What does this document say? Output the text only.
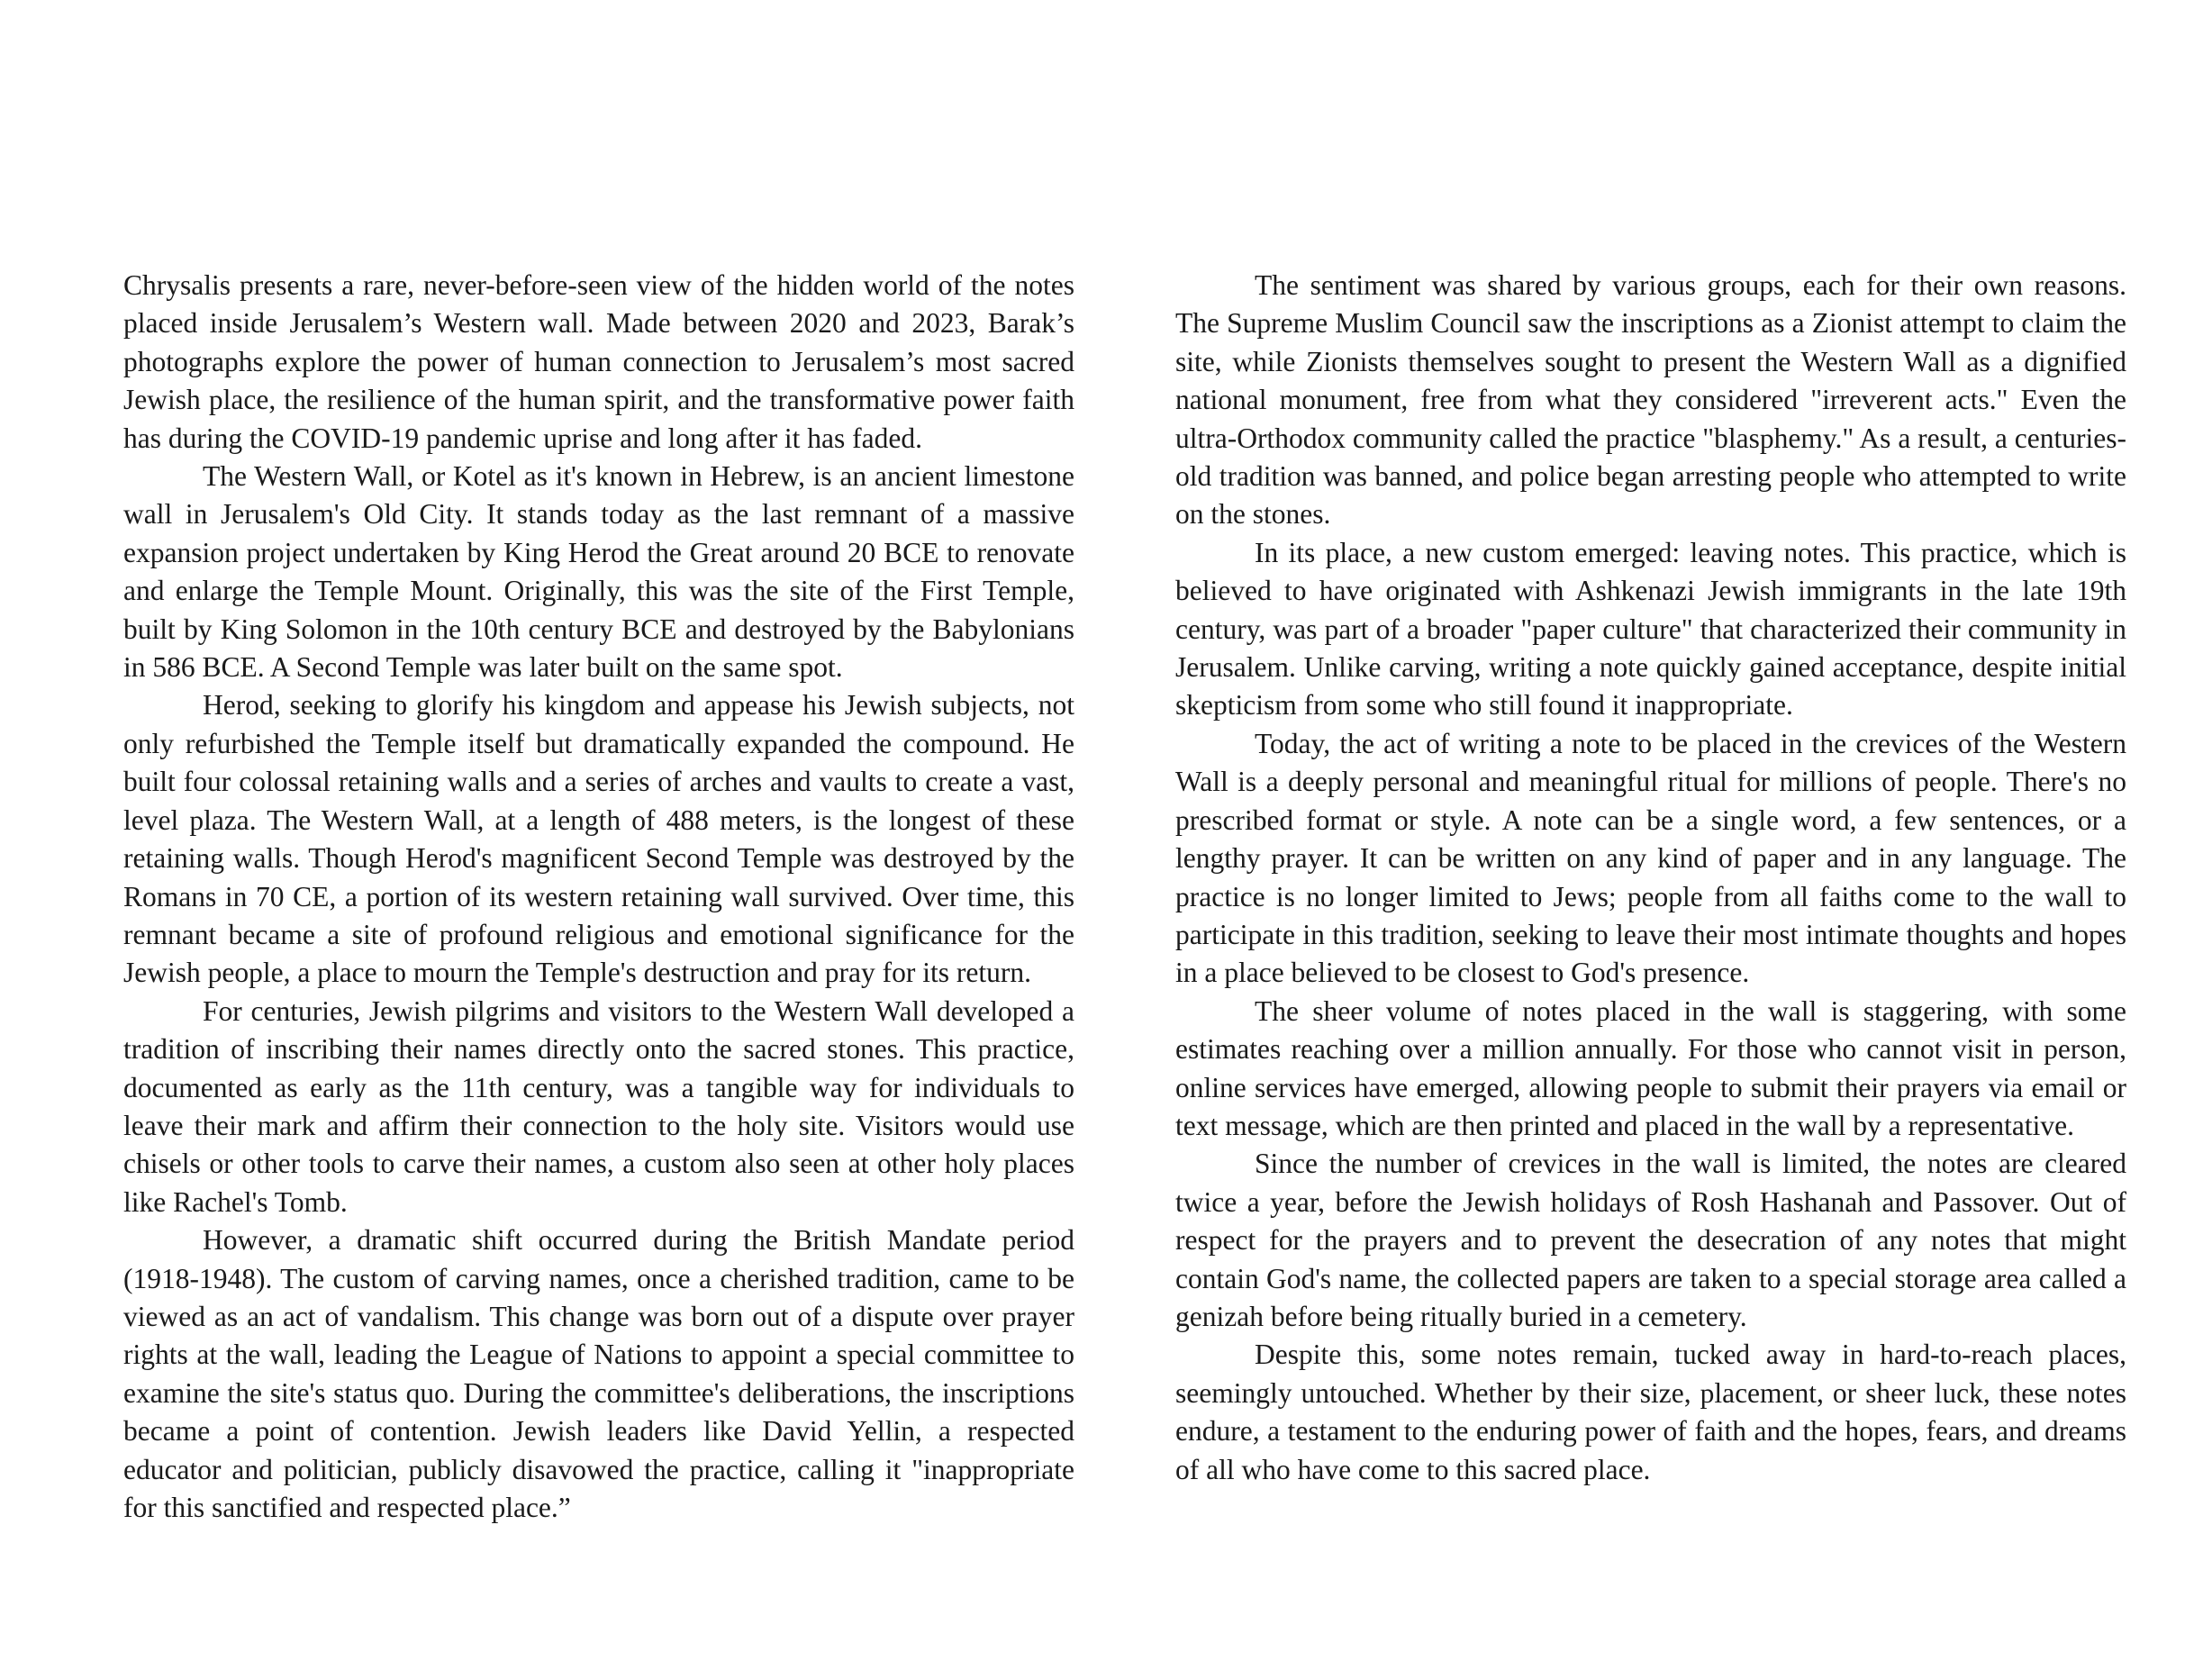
Chrysalis presents a rare, never-before-seen view of the hidden world of the notes placed inside Jerusalem’s Western wall. Made between 2020 and 2023, Barak’s photographs explore the power of human connection to Jerusalem’s most sacred Jewish place, the resilience of the human spirit, and the transformative power faith has during the COVID-19 pandemic uprise and long after it has faded.

The Western Wall, or Kotel as it's known in Hebrew, is an ancient limestone wall in Jerusalem's Old City. It stands today as the last remnant of a massive expansion project undertaken by King Herod the Great around 20 BCE to renovate and enlarge the Temple Mount. Originally, this was the site of the First Temple, built by King Solomon in the 10th century BCE and destroyed by the Babylonians in 586 BCE. A Second Temple was later built on the same spot.

Herod, seeking to glorify his kingdom and appease his Jewish subjects, not only refurbished the Temple itself but dramatically expanded the compound. He built four colossal retaining walls and a series of arches and vaults to create a vast, level plaza. The Western Wall, at a length of 488 meters, is the longest of these retaining walls. Though Herod's magnificent Second Temple was destroyed by the Romans in 70 CE, a portion of its western retaining wall survived. Over time, this remnant became a site of profound religious and emotional significance for the Jewish people, a place to mourn the Temple's destruction and pray for its return.

For centuries, Jewish pilgrims and visitors to the Western Wall developed a tradition of inscribing their names directly onto the sacred stones. This practice, documented as early as the 11th century, was a tangible way for individuals to leave their mark and affirm their connection to the holy site. Visitors would use chisels or other tools to carve their names, a custom also seen at other holy places like Rachel's Tomb.

However, a dramatic shift occurred during the British Mandate period (1918-1948). The custom of carving names, once a cherished tradition, came to be viewed as an act of vandalism. This change was born out of a dispute over prayer rights at the wall, leading the League of Nations to appoint a special committee to examine the site's status quo. During the committee's deliberations, the inscriptions became a point of contention. Jewish leaders like David Yellin, a respected educator and politician, publicly disavowed the practice, calling it "inappropriate for this sanctified and respected place.”

The sentiment was shared by various groups, each for their own reasons. The Supreme Muslim Council saw the inscriptions as a Zionist attempt to claim the site, while Zionists themselves sought to present the Western Wall as a dignified national monument, free from what they considered "irreverent acts." Even the ultra-Orthodox community called the practice "blasphemy." As a result, a centuries-old tradition was banned, and police began arresting people who attempted to write on the stones.

In its place, a new custom emerged: leaving notes. This practice, which is believed to have originated with Ashkenazi Jewish immigrants in the late 19th century, was part of a broader "paper culture" that characterized their community in Jerusalem. Unlike carving, writing a note quickly gained acceptance, despite initial skepticism from some who still found it inappropriate.

Today, the act of writing a note to be placed in the crevices of the Western Wall is a deeply personal and meaningful ritual for millions of people. There's no prescribed format or style. A note can be a single word, a few sentences, or a lengthy prayer. It can be written on any kind of paper and in any language. The practice is no longer limited to Jews; people from all faiths come to the wall to participate in this tradition, seeking to leave their most intimate thoughts and hopes in a place believed to be closest to God's presence.

The sheer volume of notes placed in the wall is staggering, with some estimates reaching over a million annually. For those who cannot visit in person, online services have emerged, allowing people to submit their prayers via email or text message, which are then printed and placed in the wall by a representative.

Since the number of crevices in the wall is limited, the notes are cleared twice a year, before the Jewish holidays of Rosh Hashanah and Passover. Out of respect for the prayers and to prevent the desecration of any notes that might contain God's name, the collected papers are taken to a special storage area called a genizah before being ritually buried in a cemetery.

Despite this, some notes remain, tucked away in hard-to-reach places, seemingly untouched. Whether by their size, placement, or sheer luck, these notes endure, a testament to the enduring power of faith and the hopes, fears, and dreams of all who have come to this sacred place.
